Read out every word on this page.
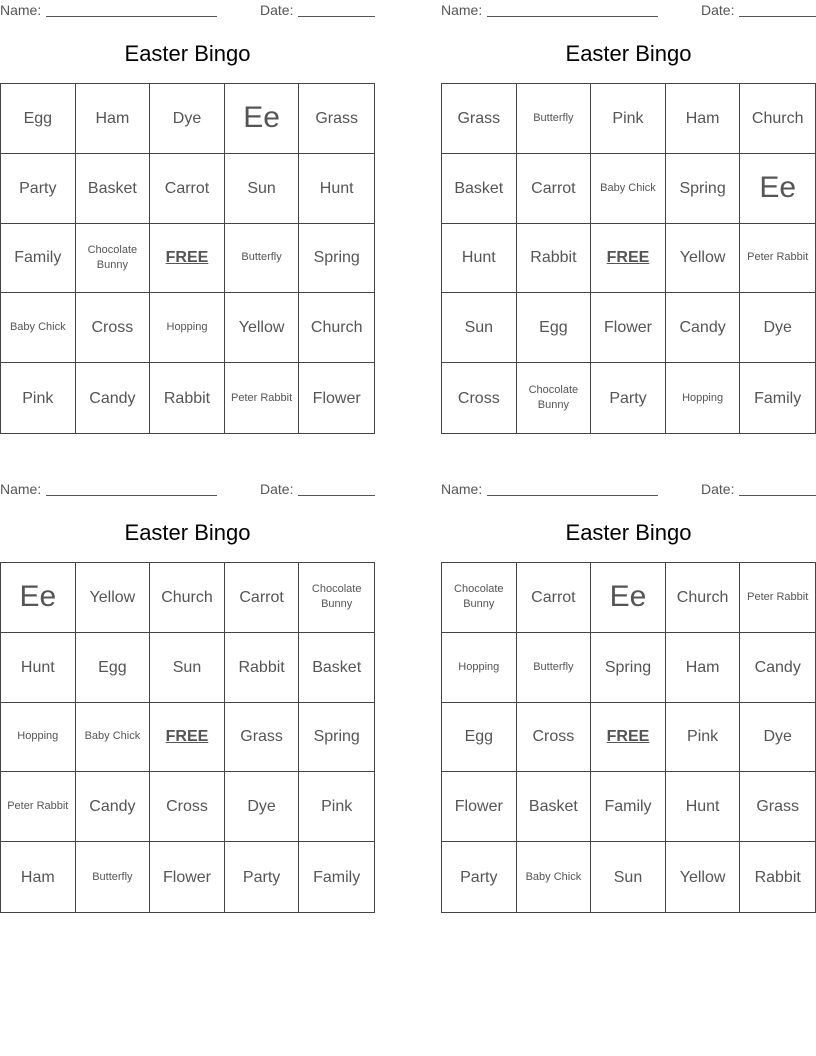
Name:	Date:
Easter Bingo
Egg	Ham	Dye	Ee	Grass
Party	Basket	Carrot	Sun	Hunt
Family	Chocolate Bunny	FREE	Butterfly	Spring
Baby Chick	Cross	Hopping	Yellow	Church
Pink	Candy	Rabbit	Peter Rabbit	Flower
Name:	Date:
Easter Bingo
Grass	Butterfly	Pink	Ham	Church
Basket	Carrot	Baby Chick	Spring	Ee
Hunt	Rabbit	FREE	Yellow	Peter Rabbit
Sun	Egg	Flower	Candy	Dye
Cross	Chocolate Bunny	Party	Hopping	Family
Name:	Date:
Easter Bingo
Ee	Yellow	Church	Carrot	Chocolate Bunny
Hunt	Egg	Sun	Rabbit	Basket
Hopping	Baby Chick	FREE	Grass	Spring
Peter Rabbit	Candy	Cross	Dye	Pink
Ham	Butterfly	Flower	Party	Family
Name:	Date:
Easter Bingo
Chocolate Bunny	Carrot	Ee	Church	Peter Rabbit
Hopping	Butterfly	Spring	Ham	Candy
Egg	Cross	FREE	Pink	Dye
Flower	Basket	Family	Hunt	Grass
Party	Baby Chick	Sun	Yellow	Rabbit
